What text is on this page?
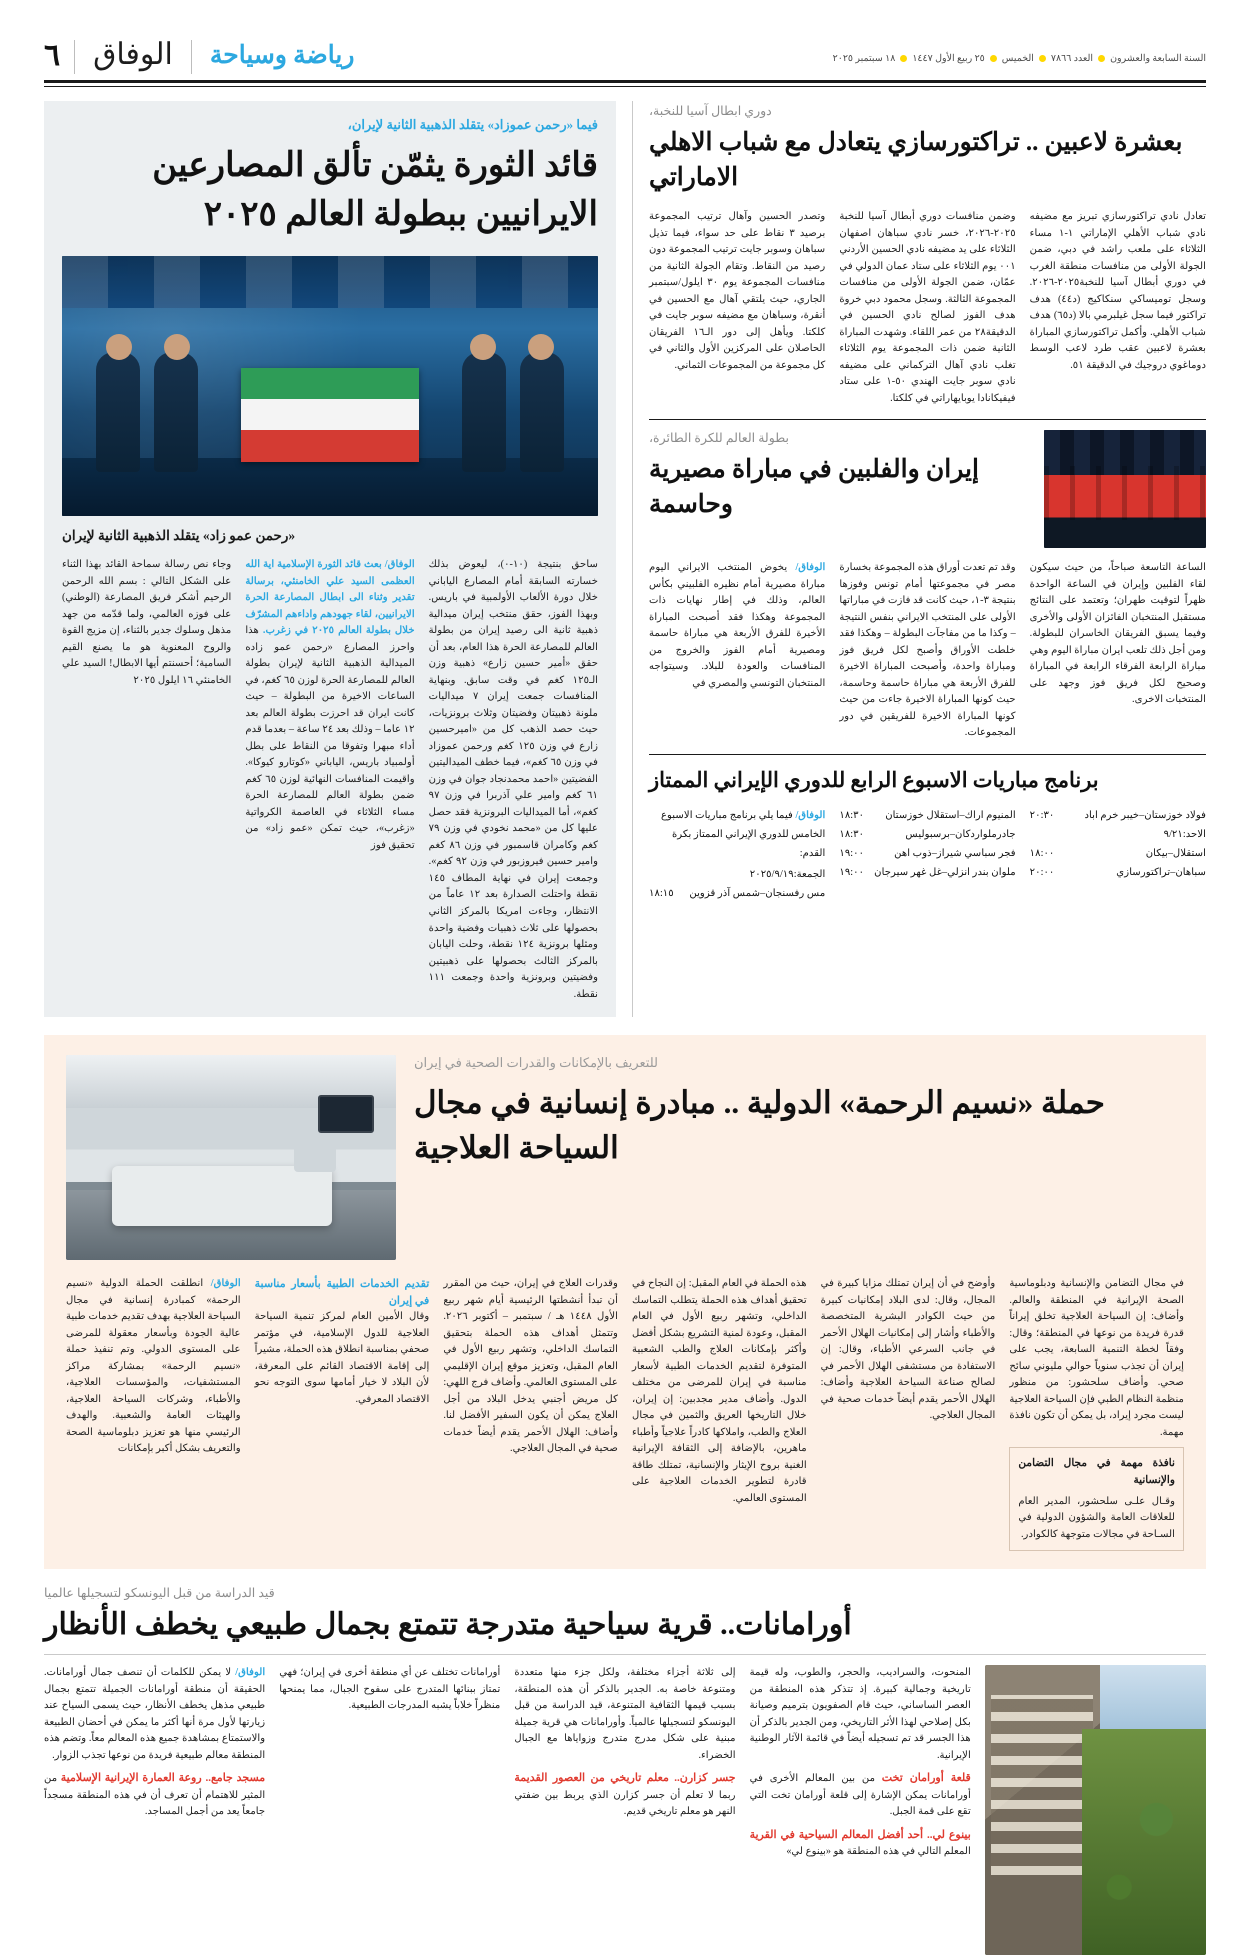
السنة السابعة والعشرون
العدد ٧٨٦٦
الخميس
٢٥ ربيع الأول ١٤٤٧
١٨ سبتمبر ٢٠٢٥
رياضة وسياحة
الوفاق
٦
دوري ابطال آسيا للنخبة،
بعشرة لاعبين .. تراكتورسازي يتعادل مع شباب الاهلي الاماراتي
تعادل نادي تراكتورسازي تبريز مع مضيفه نادي شباب الأهلي الإماراتي ١-١ مساء الثلاثاء على ملعب راشد في دبي، ضمن الجولة الأولى من منافسات منطقة الغرب في دوري أبطال آسيا للنخبة٢٠٢٥-٢٠٢٦. وسجل توميساكي سنكاكيج (د٤٤) هدف تراكتور فيما سجل غيلبرمي بالا (د٦٥) هدف شباب الأهلي. وأكمل تراكتورسازي المباراة بعشرة لاعبين عقب طرد لاعب الوسط دوماغوي دروجيك في الدقيقة ٥١.
وضمن منافسات دوري أبطال آسيا للنخبة ٢٠٢٥-٢٠٢٦، خسر نادي سباهان اصفهان الثلاثاء على يد مضيفه نادي الحسين الأردني ٠٠١ يوم الثلاثاء على ستاد عمان الدولي في عمّان، ضمن الجولة الأولى من منافسات المجموعة الثالثة. وسجل محمود دبي خروة هدف الفوز لصالح نادي الحسين في الدقيقة٢٨ من عمر اللقاء. وشهدت المباراة الثانية ضمن ذات المجموعة يوم الثلاثاء تغلب نادي آهال التركماني على مضيفه نادي سوبر جايت الهندي ٥٠-١ على ستاد فيفيكانادا يوبايهاراتي في كلكتا.
وتصدر الحسين وآهال ترتيب المجموعة برصيد ٣ نقاط على حد سواء، فيما تذيل سباهان وسوبر جايت ترتيب المجموعة دون رصيد من النقاط. وتقام الجولة الثانية من منافسات المجموعة يوم ٣٠ ايلول/سبتمبر الجاري، حيث يلتقي آهال مع الحسين في أنقرة، وسباهان مع مضيفه سوبر جايت في كلكتا. ويأهل إلى دور الـ١٦ الفريقان الحاصلان على المركزين الأول والثاني في كل مجموعة من المجموعات الثماني.
بطولة العالم للكرة الطائرة،
إيران والفلبين في مباراة مصيرية وحاسمة
الساعة التاسعة صباحاً، من حيث سيكون لقاء الفلبين وإيران في الساعة الواحدة ظهراً لتوقيت طهران؛ وتعتمد على النتائج مستقبل المنتخبان الفائزان الأولى والأخرى وفيما يسبق الفريقان الخاسران للبطولة. ومن أجل ذلك تلعب ايران مباراة اليوم وهي مباراة الرابعة الفرقاء الرابعة في المباراة وصحيح لكل فريق فوز وجهد على المنتخبات الاخرى.
وقد تم تعدت أوراق هذه المجموعة بخسارة مصر في مجموعتها أمام تونس وفوزها بنتيجة ٣-١، حيث كانت قد فازت في مباراتها الأولى على المنتخب الايراني بنفس النتيجة – وكذا ما من مفاجآت البطولة – وهكذا فقد خلطت الأوراق وأصبح لكل فريق فوز ومباراة واحدة، وأصبحت المباراة الاخيرة للفرق الأربعة هي مباراة حاسمة وحاسمة، حيث كونها المباراة الاخيرة جاءت من حيث كونها المباراة الاخيرة للفريقين في دور المجموعات.
الوفاق/ يخوض المنتخب الايراني اليوم مباراة مصيرية أمام نظيره الفلبيني بكأس العالم، وذلك في إطار نهايات ذات المجموعة وهكذا فقد أصبحت المباراة الأخيرة للفرق الأربعة هي مباراة حاسمة ومصيرية أمام الفوز والخروج من المنافسات والعودة للبلاد. وسيتواجه المنتخبان التونسي والمصري في
برنامج مباريات الاسبوع الرابع للدوري الإيراني الممتاز
فولاد خوزستان–خيبر خرم اباد
٢٠:٣٠
الاحد:٩/٢١
استقلال–بيكان
١٨:٠٠
سباهان–تراكتورسازي
٢٠:٠٠
المنيوم اراك–استقلال خوزستان
١٨:٣٠
جادرملواردكان–برسبوليس
١٨:٣٠
فجر سباسي شيراز–ذوب اهن
١٩:٠٠
ملوان بندر انزلي–غل غهر سيرجان
١٩:٠٠
الوفاق/ فيما يلي برنامج مباريات الاسبوع الخامس للدوري الإيراني الممتاز بكرة القدم:
الجمعة:٢٠٢٥/٩/١٩
مس رفسنجان–شمس آذر قزوين
١٨:١٥
فيما «رحمن عموزاد» يتقلد الذهبية الثانية لإيران،
قائد الثورة يثمّن تألق المصارعين الايرانيين ببطولة العالم ٢٠٢٥
«رحمن عمو زاد» يتقلد الذهبية الثانية لإيران
ساحق بنتيجة (١٠-٠)، ليعوض بذلك خسارته السابقة أمام المصارع الياباني خلال دورة الألعاب الأولمبية في باريس. وبهذا الفوز، حقق منتخب إيران ميدالية ذهبية ثانية الى رصيد إيران من بطولة العالم للمصارعة الحرة هذا العام، بعد أن حقق «أمير حسين زارع» ذهبية وزن الـ١٢٥ كغم في وقت سابق. وبنهاية المنافسات جمعت إيران ٧ ميداليات ملونة ذهبيتان وفضيتان وثلاث برونزيات، حيث حصد الذهب كل من «اميرحسين زارع في وزن ١٢٥ كغم ورحمن عموزاد في وزن ٦٥ كغم»، فيما خطف الميداليتين الفضيتين «احمد محمدنجاد جوان في وزن ٦١ كغم وامير علي آذربرا في وزن ٩٧ كغم»، أما الميداليات البرونزية فقد حصل عليها كل من «محمد نخودي في وزن ٧٩ كغم وكامران قاسمبور في وزن ٨٦ كغم وامير حسين فيروزبور في وزن ٩٢ كغم». وجمعت إيران في نهاية المطاف ١٤٥ نقطة واحتلت الصدارة بعد ١٢ عاماً من الانتظار، وجاءت امريكا بالمركز الثاني بحصولها على ثلاث ذهبيات وفضية واحدة ومثلها برونزية ١٢٤ نقطة، وحلت اليابان بالمركز الثالث بحصولها على ذهبيتين وفضيتين وبرونزية واحدة وجمعت ١١١ نقطة.
الوفاق/ بعث قائد الثورة الإسلامية اية الله العظمى السيد علي الخامنئي، برسالة تقدير وثناء الى ابطال المصارعة الحرة الايرانيين، لقاء جهودهم واداءهم المشرّف خلال بطولة العالم ٢٠٢٥ في زغرب. هذا واحرز المصارع «رحمن عمو زاده الميدالية الذهبية الثانية لإيران بطولة العالم للمصارعة الحرة لوزن ٦٥ كغم، في الساعات الاخيرة من البطولة – حيث كانت ايران قد احرزت بطولة العالم بعد ١٢ عاما – وذلك بعد ٢٤ ساعة – بعدما قدم أداء مبهرا وتفوقا من النقاط على بطل أولمبياد باريس، الياباني «كوتارو كيوكا». واقيمت المنافسات النهائية لوزن ٦٥ كغم ضمن بطولة العالم للمصارعة الحرة مساء الثلاثاء في العاصمة الكرواتية «زغرب»، حيث تمكن «عمو زاد» من تحقيق فوز
وجاء نص رسالة سماحة القائد بهذا الثناء على الشكل التالي : بسم الله الرحمن الرحيم أشكر فريق المصارعة (الوطني) على فوزه العالمي، ولما قدّمه من جهد مذهل وسلوك جدير بالثناء، إن مزيج القوة والروح المعنوية هو ما يصنع القيم السامية؛ أحسنتم أيها الابطال! السيد علي الخامنئي ١٦ ايلول ٢٠٢٥
للتعريف بالإمكانات والقدرات الصحية في إيران
حملة «نسيم الرحمة» الدولية .. مبادرة إنسانية في مجال السياحة العلاجية
في مجال التضامن والإنسانية ودبلوماسية الصحة الإيرانية في المنطقة والعالم. وأضاف: إن السياحة العلاجية تخلق إيراناً قدرة فريدة من نوعها في المنطقة؛ وقال: وفقاً لخطة التنمية السابعة، يجب على إيران أن تجذب سنوياً حوالي مليوني سائح صحي. وأضاف سلحشور: من منظور منظمة النظام الطبي فإن السياحة العلاجية ليست مجرد إيراد، بل يمكن أن تكون نافذة مهمة.
نافذة مهمة في مجال التضامن والإنسانية
وقـال علـى سلحشور، المدير العام للعلاقات العامة والشؤون الدولية في السـاحة في مجالات متوجهة كالكوادر.
وأوضح في أن إيران تمتلك مزايا كبيرة في المجال، وقال: لدى البلاد إمكانيات كبيرة من حيث الكوادر البشرية المتخصصة والأطباء وأشار إلى إمكانيات الهلال الأحمر في جانب السرعي الأطباء، وقال: إن الاستفادة من مستشفى الهلال الأحمر في لصالح صناعة السياحة العلاجية وأضاف: الهلال الأحمر يقدم أيضاً خدمات صحية في المجال العلاجي.
هذه الحملة في العام المقبل: إن النجاح في تحقيق أهداف هذه الحملة يتطلب التماسك الداخلي، وتشهر ربيع الأول في العام المقبل، وعودة لمنية التشريع بشكل أفضل وأكثر بإمكانات العلاج والطب الشعبية المتوفرة لتقديم الخدمات الطبية لأسعار مناسبة في إيران للمرضى من مختلف الدول. وأضاف مدير مجدبين: إن إيران، خلال التاريخها العريق والثمين في مجال العلاج والطب، واملاكها كادراً علاجياً وأطباء ماهرين، بالإضافة إلى الثقافة الإيرانية الغنية بروح الإيثار والإنسانية، تمتلك طاقة قادرة لتطوير الخدمات العلاجية على المستوى العالمي.
وقدرات العلاج في إيران، حيث من المقرر أن تبدأ أنشطتها الرئيسية أيام شهر ربيع الأول ١٤٤٨ هـ / سبتمبر – أكتوبر ٢٠٢٦. وتتمثل أهداف هذه الحملة بتحقيق التماسك الداخلي، وتشهر ربيع الأول في العام المقبل، وتعزيز موقع إيران الإقليمي على المستوى العالمي. وأضاف فرج اللهي: كل مريض أجنبي يدخل البلاد من أجل العلاج يمكن أن يكون السفير الأفضل لنا. وأضاف: الهلال الأحمر يقدم أيضاً خدمات صحية في المجال العلاجي.
تقديم الخدمات الطبية بأسعار مناسبة في إيران
وقال الأمين العام لمركز تنمية السياحة العلاجية للدول الإسلامية، في مؤتمر صحفي بمناسبة انطلاق هذه الحملة، مشيراً إلى إقامة الاقتصاد القائم على المعرفة، لأن البلاد لا خيار أمامها سوى التوجه نحو الاقتصاد المعرفي.
الوفاق/ انطلقت الحملة الدولية «نسيم الرحمة» كمبادرة إنسانية في مجال السياحة العلاجية بهدف تقديم خدمات طبية عالية الجودة وبأسعار معقولة للمرضى على المستوى الدولي. وتم تنفيذ حملة «نسيم الرحمة» بمشاركة مراكز المستشفيات، والمؤسسات العلاجية، والأطباء، وشركات السياحة العلاجية، والهيئات العامة والشعبية. والهدف الرئيسي منها هو تعزيز دبلوماسية الصحة والتعريف بشكل أكبر بإمكانات
قيد الدراسة من قبل اليونسكو لتسجيلها عالميا
أورامانات.. قرية سياحية متدرجة تتمتع بجمال طبيعي يخطف الأنظار
المنحوت، والسراديب، والحجر، والطوب، وله قيمة تاريخية وجمالية كبيرة. إذ تتذكر هذه المنطقة من العصر الساساني، حيث قام الصفويون بترميم وصيانة بكل إصلاحي لهذا الأثر التاريخي، ومن الجدير بالذكر أن هذا الجسر قد تم تسجيله أيضاً في قائمة الآثار الوطنية الإيرانية.
قلعة أورامان تخت من بين المعالم الأخرى في أورامانات يمكن الإشارة إلى قلعة أورامان تخت التي تقع على قمة الجبل.
بينوع لي.. أحد أفضل المعالم السياحية في القرية المعلم التالي في هذه المنطقة هو «بينوع لي»
إلى ثلاثة أجزاء مختلفة، ولكل جزء منها متعددة ومتنوعة خاصة به. الجدير بالذكر أن هذه المنطقة، بسبب قيمها الثقافية المتنوعة، قيد الدراسة من قبل اليونسكو لتسجيلها عالمياً. وأورامانات هي قرية جميلة مبنية على شكل مدرج متدرج وزواياها مع الجبال الخضراء.
جسر كزارن.. معلم تاريخي من العصور القديمة ربما لا تعلم أن جسر كزارن الذي يربط بين ضفتي النهر هو معلم تاريخي قديم.
أورامانات تختلف عن أي منطقة أخرى في إيران؛ فهي تمتاز ببنائها المتدرج على سفوح الجبال، مما يمنحها منظراً خلاباً يشبه المدرجات الطبيعية.
الوفاق/ لا يمكن للكلمات أن تنصف جمال أورامانات. الحقيقة أن منطقة أورامانات الجميلة تتمتع بجمال طبيعي مذهل يخطف الأنظار، حيث يسمى السياح عند زيارتها لأول مرة أنها أكثر ما يمكن في أحضان الطبيعة والاستمتاع بمشاهدة جميع هذه المعالم معاً. وتضم هذه المنطقة معالم طبيعية فريدة من نوعها تجذب الزوار.
مسجد جامع.. روعة العمارة الإيرانية الإسلامية من المثير للاهتمام أن تعرف أن في هذه المنطقة مسجداً جامعاً يعد من أجمل المساجد.
